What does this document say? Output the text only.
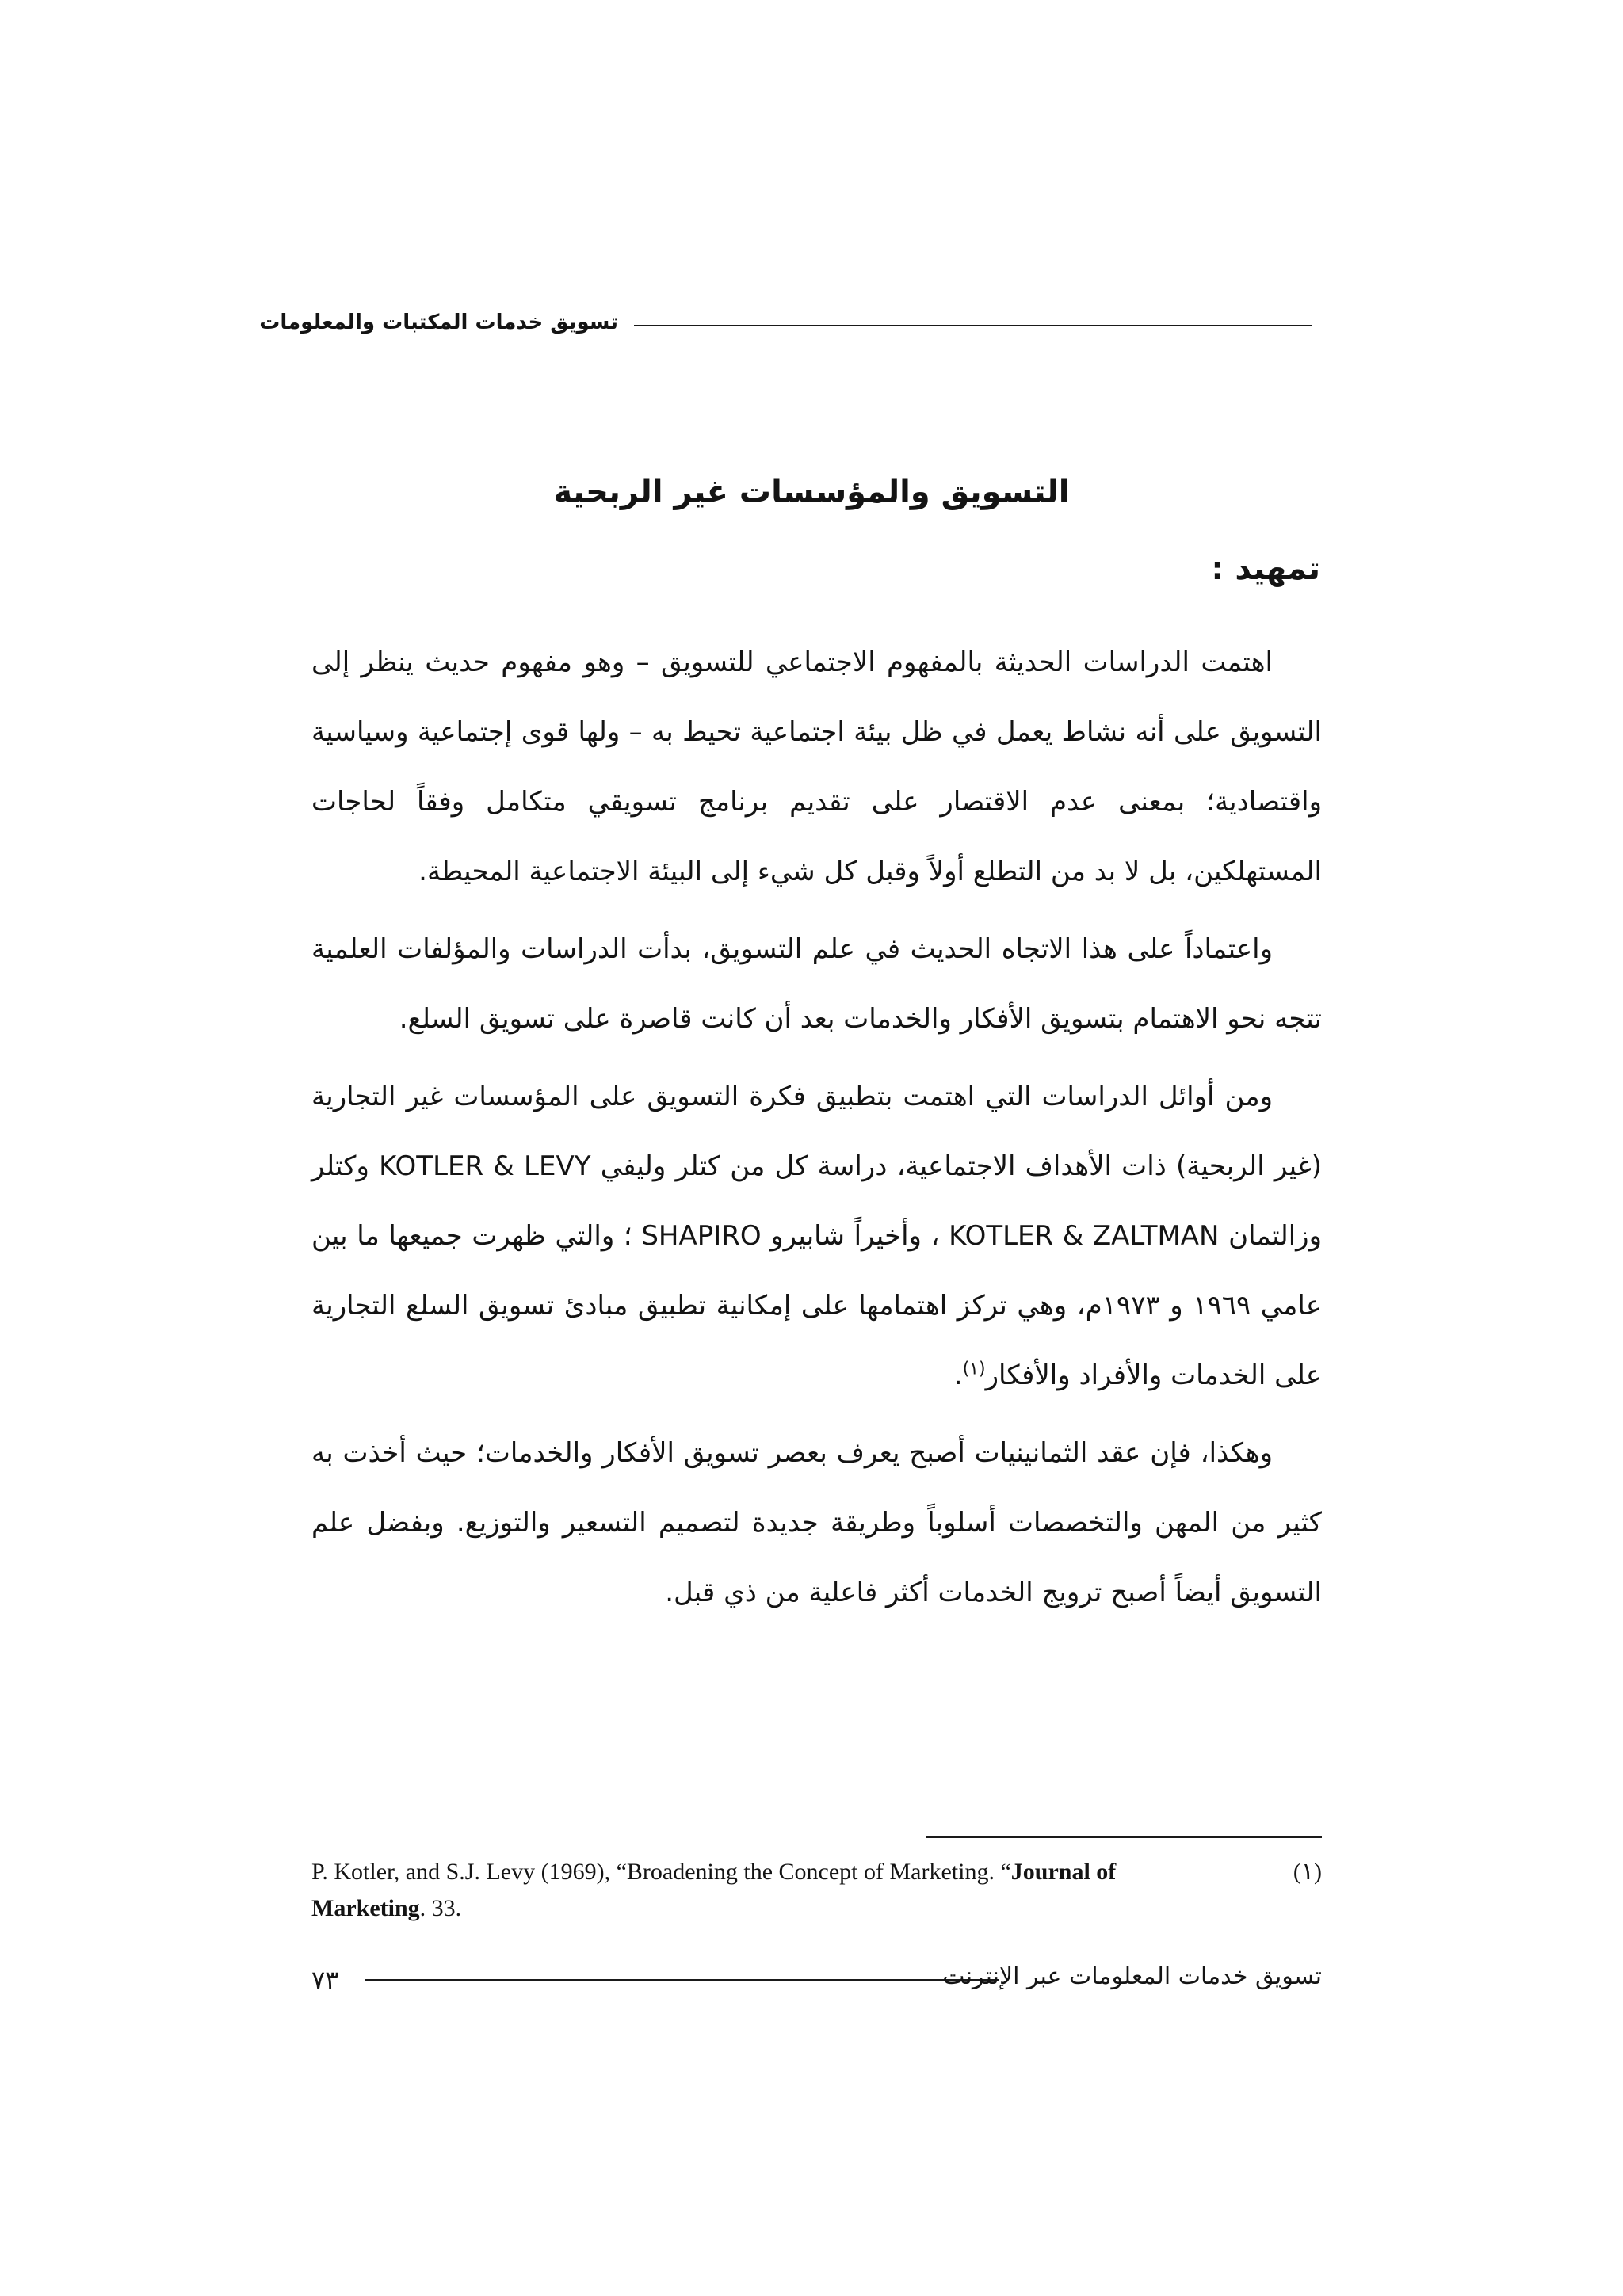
تسويق خدمات المكتبات والمعلومات
التسويق والمؤسسات غير الربحية
تمهيد :

اهتمت الدراسات الحديثة بالمفهوم الاجتماعي للتسويق – وهو مفهوم حديث ينظر إلى التسويق على أنه نشاط يعمل في ظل بيئة اجتماعية تحيط به – ولها قوى إجتماعية وسياسية واقتصادية؛ بمعنى عدم الاقتصار على تقديم برنامج تسويقي متكامل وفقاً لحاجات المستهلكين، بل لا بد من التطلع أولاً وقبل كل شيء إلى البيئة الاجتماعية المحيطة.

واعتماداً على هذا الاتجاه الحديث في علم التسويق، بدأت الدراسات والمؤلفات العلمية تتجه نحو الاهتمام بتسويق الأفكار والخدمات بعد أن كانت قاصرة على تسويق السلع.

ومن أوائل الدراسات التي اهتمت بتطبيق فكرة التسويق على المؤسسات غير التجارية (غير الربحية) ذات الأهداف الاجتماعية، دراسة كل من كتلر وليفي KOTLER & LEVY وكتلر وزالتمان KOTLER & ZALTMAN ، وأخيراً شابيرو SHAPIRO ؛ والتي ظهرت جميعها ما بين عامي ١٩٦٩ و ١٩٧٣م، وهي تركز اهتمامها على إمكانية تطبيق مبادئ تسويق السلع التجارية على الخدمات والأفراد والأفكار$^{(١)}$.

وهكذا، فإن عقد الثمانينيات أصبح يعرف بعصر تسويق الأفكار والخدمات؛ حيث أخذت به كثير من المهن والتخصصات أسلوباً وطريقة جديدة لتصميم التسعير والتوزيع. وبفضل علم التسويق أيضاً أصبح ترويج الخدمات أكثر فاعلية من ذي قبل.

(١)
P. Kotler, and S.J. Levy (1969), “Broadening the Concept of Marketing. “Journal of
Marketing. 33.
٧٣	تسويق خدمات المعلومات عبر الإنترنت
